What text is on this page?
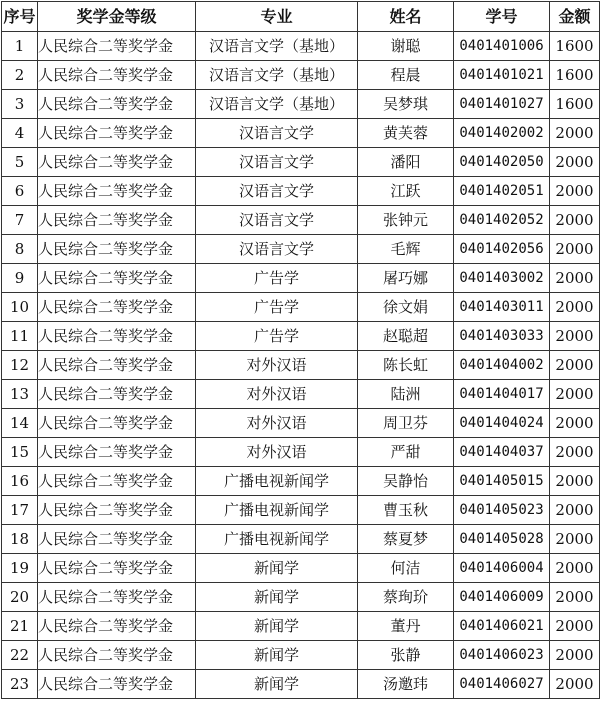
序号	奖学金等级	专业	姓名	学号	金额
1	人民综合二等奖学金	汉语言文学（基地）	谢聪	0401401006	1600
2	人民综合二等奖学金	汉语言文学（基地）	程晨	0401401021	1600
3	人民综合二等奖学金	汉语言文学（基地）	吴梦琪	0401401027	1600
4	人民综合二等奖学金	汉语言文学	黄芙蓉	0401402002	2000
5	人民综合二等奖学金	汉语言文学	潘阳	0401402050	2000
6	人民综合二等奖学金	汉语言文学	江跃	0401402051	2000
7	人民综合二等奖学金	汉语言文学	张钟元	0401402052	2000
8	人民综合二等奖学金	汉语言文学	毛辉	0401402056	2000
9	人民综合二等奖学金	广告学	屠巧娜	0401403002	2000
10	人民综合二等奖学金	广告学	徐文娟	0401403011	2000
11	人民综合二等奖学金	广告学	赵聪超	0401403033	2000
12	人民综合二等奖学金	对外汉语	陈长虹	0401404002	2000
13	人民综合二等奖学金	对外汉语	陆洲	0401404017	2000
14	人民综合二等奖学金	对外汉语	周卫芬	0401404024	2000
15	人民综合二等奖学金	对外汉语	严甜	0401404037	2000
16	人民综合二等奖学金	广播电视新闻学	吴静怡	0401405015	2000
17	人民综合二等奖学金	广播电视新闻学	曹玉秋	0401405023	2000
18	人民综合二等奖学金	广播电视新闻学	蔡夏梦	0401405028	2000
19	人民综合二等奖学金	新闻学	何洁	0401406004	2000
20	人民综合二等奖学金	新闻学	蔡珣玠	0401406009	2000
21	人民综合二等奖学金	新闻学	董丹	0401406021	2000
22	人民综合二等奖学金	新闻学	张静	0401406023	2000
23	人民综合二等奖学金	新闻学	汤邀玮	0401406027	2000
